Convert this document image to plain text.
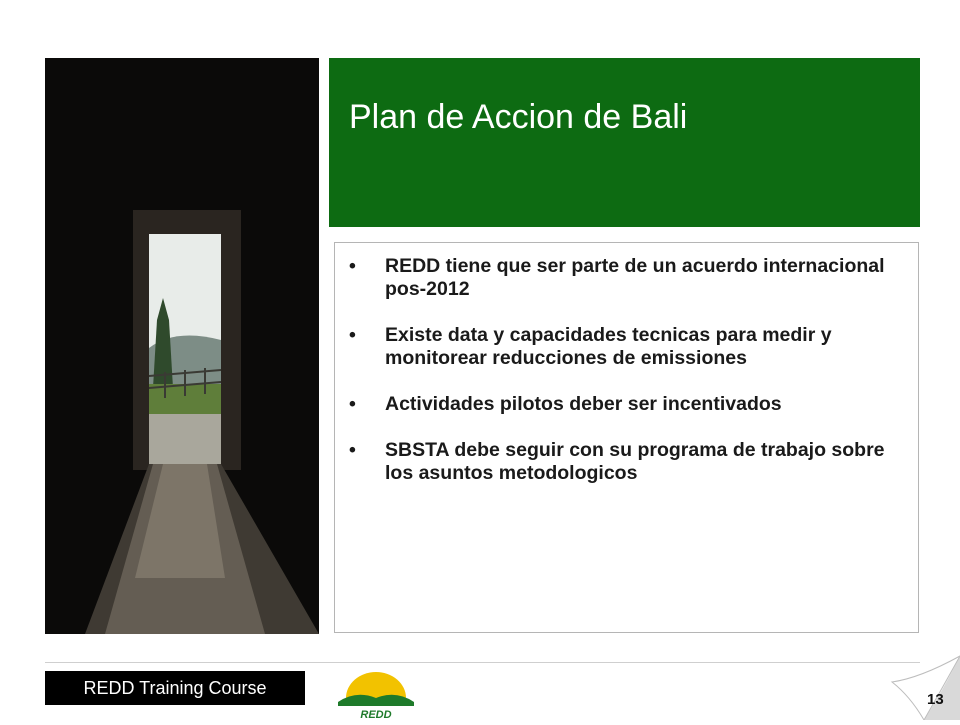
Plan de Accion de Bali
• REDD tiene que ser parte de un acuerdo internacional pos-2012
• Existe data y capacidades tecnicas para medir y monitorear reducciones de emissiones
• Actividades pilotos deber ser incentivados
• SBSTA debe seguir con su programa de trabajo sobre los asuntos metodologicos
REDD Training Course
REDD
13
